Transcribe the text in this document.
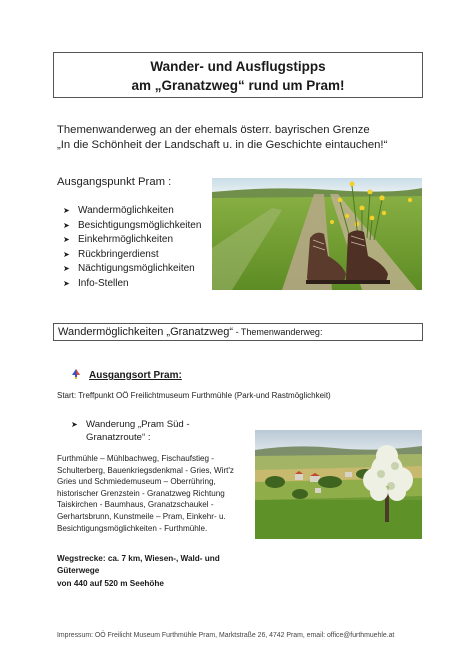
Wander- und Ausflugstipps
am „Granatzweg“ rund um Pram!
Themenwanderweg an der ehemals österr. bayrischen Grenze
„In die Schönheit der Landschaft u. in die Geschichte eintauchen!“
Ausgangspunkt Pram :
➤ Wandermöglichkeiten
➤ Besichtigungsmöglichkeiten
➤ Einkehrmöglichkeiten
➤ Rückbringerdienst
➤ Nächtigungsmöglichkeiten
➤ Info-Stellen
Wandermöglichkeiten „Granatzweg“ - Themenwanderweg:
Ausgangsort Pram:
Start: Treffpunkt OÖ Freilichtmuseum Furthmühle (Park-und Rastmöglichkeit)
➤ Wanderung „Pram Süd -
Granatzroute“ :
Furthmühle – Mühlbachweg, Fischaufstieg -
Schulterberg, Bauenkriegsdenkmal - Gries, Wirt'z
Gries und Schmiedemuseum – Oberrühring,
historischer Grenzstein - Granatzweg Richtung
Taiskirchen - Baumhaus, Granatzschaukel -
Gerhartsbrunn, Kunstmeile – Pram, Einkehr- u.
Besichtigungsmöglichkeiten - Furthmühle.
Wegstrecke: ca. 7 km, Wiesen-, Wald- und
Güterwege
von 440 auf 520 m Seehöhe
Impressum: OÖ Freilicht Museum Furthmühle Pram, Marktstraße 26, 4742 Pram, email: office@furthmuehle.at
